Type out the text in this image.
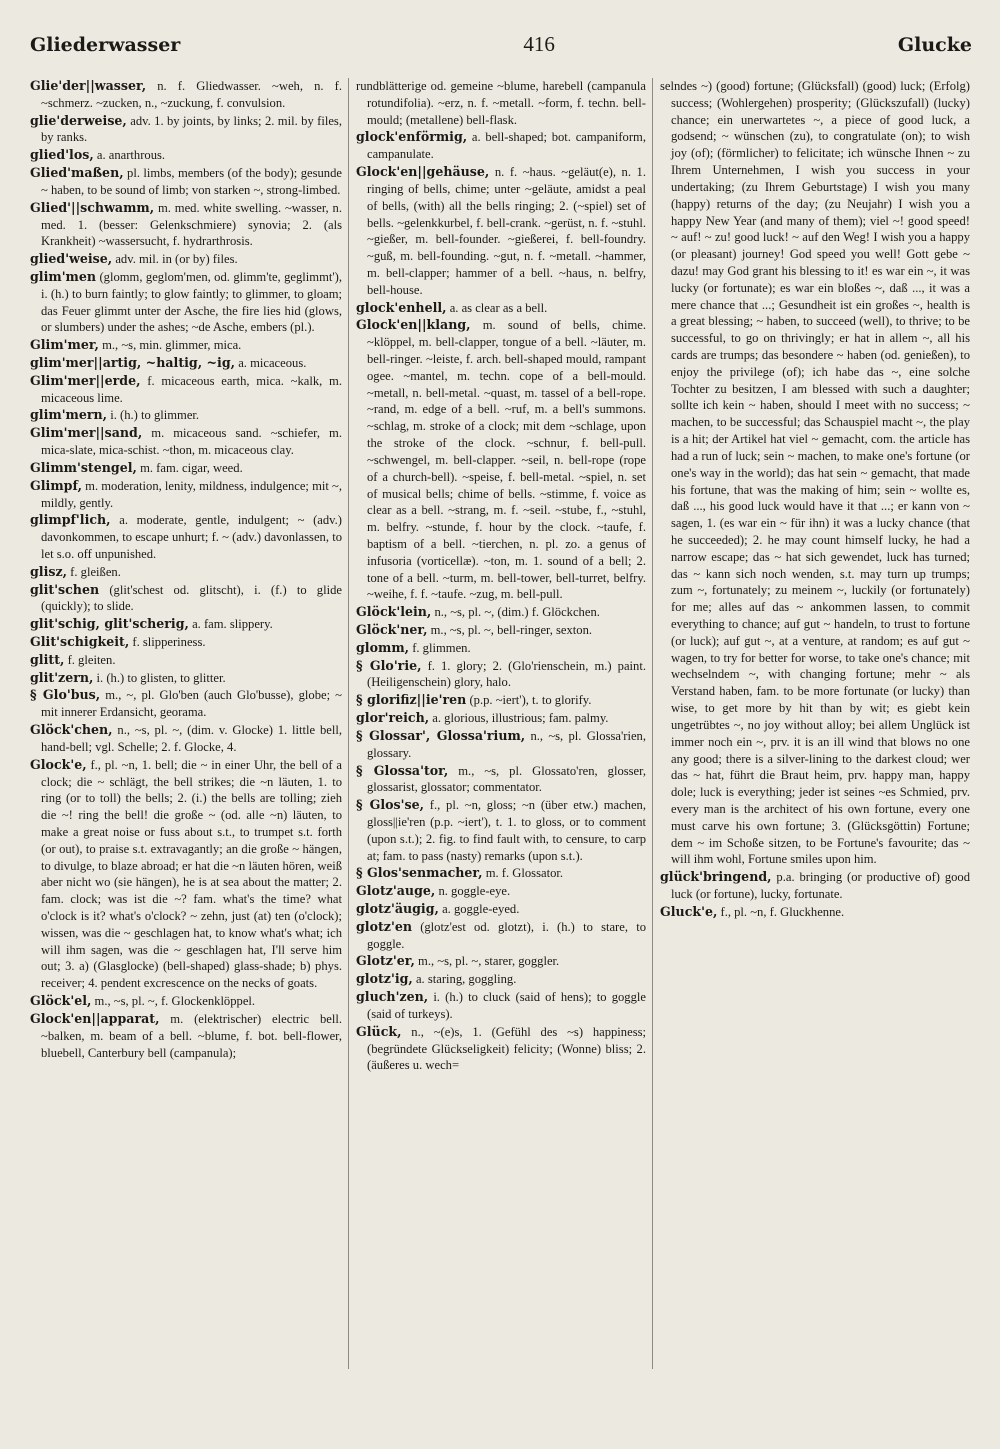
Gliederwasser	416	Glucke

Glie'der||wasser, n. f. Gliedwasser. ~weh, n. f. ~schmerz. ~zucken, n., ~zuckung, f. convulsion.

glie'derweise, adv. 1. by joints, by links; 2. mil. by files, by ranks.

glied'los, a. anarthrous.

Glied'maßen, pl. limbs, members (of the body); gesunde ~ haben, to be sound of limb; von starken ~, strong-limbed.

Glied'||schwamm, m. med. white swelling. ~wasser, n. med. 1. (besser: Gelenkschmiere) synovia; 2. (als Krankheit) ~wassersucht, f. hydrarthrosis.

glied'weise, adv. mil. in (or by) files.

glim'men (glomm, geglom'men, od. glimm'te, geglimmt'), i. (h.) to burn faintly; to glow faintly; to glimmer, to gloam; das Feuer glimmt unter der Asche, the fire lies hid (glows, or slumbers) under the ashes; ~de Asche, embers (pl.).

Glim'mer, m., ~s, min. glimmer, mica.

glim'mer||artig, ~haltig, ~ig, a. micaceous.

Glim'mer||erde, f. micaceous earth, mica. ~kalk, m. micaceous lime.

glim'mern, i. (h.) to glimmer.

Glim'mer||sand, m. micaceous sand. ~schiefer, m. mica-slate, mica-schist. ~thon, m. micaceous clay.

Glimm'stengel, m. fam. cigar, weed.

Glimpf, m. moderation, lenity, mildness, indulgence; mit ~, mildly, gently.

glimpf'lich, a. moderate, gentle, indulgent; ~ (adv.) davonkommen, to escape unhurt; f. ~ (adv.) davonlassen, to let s.o. off unpunished.

glisz, f. gleißen.

glit'schen (glit'schest od. glitscht), i. (f.) to glide (quickly); to slide.

glit'schig, glit'scherig, a. fam. slippery.

Glit'schigkeit, f. slipperiness.

glitt, f. gleiten.

glit'zern, i. (h.) to glisten, to glitter.

§ Glo'bus, m., ~, pl. Glo'ben (auch Glo'busse), globe; ~ mit innerer Erdansicht, georama.

Glöck'chen, n., ~s, pl. ~, (dim. v. Glocke) 1. little bell, hand-bell; vgl. Schelle; 2. f. Glocke, 4.

Glock'e, f., pl. ~n, 1. bell; die ~ in einer Uhr, the bell of a clock; die ~ schlägt, the bell strikes; die ~n läuten, 1. to ring (or to toll) the bells; 2. (i.) the bells are tolling; zieh die ~! ring the bell! die große ~ (od. alle ~n) läuten, to make a great noise or fuss about s.t., to trumpet s.t. forth (or out), to praise s.t. extravagantly; an die große ~ hängen, to divulge, to blaze abroad; er hat die ~n läuten hören, weiß aber nicht wo (sie hängen), he is at sea about the matter; 2. fam. clock; was ist die ~? fam. what's the time? what o'clock is it? what's o'clock? ~ zehn, just (at) ten (o'clock); wissen, was die ~ geschlagen hat, to know what's what; ich will ihm sagen, was die ~ geschlagen hat, I'll serve him out; 3. a) (Glasglocke) (bell-shaped) glass-shade; b) phys. receiver; 4. pendent excrescence on the necks of goats.

Glöck'el, m., ~s, pl. ~, f. Glockenklöppel.

Glock'en||apparat, m. (elektrischer) electric bell. ~balken, m. beam of a bell. ~blume, f. bot. bell-flower, bluebell, Canterbury bell (campanula);

rundblätterige od. gemeine ~blume, harebell (campanula rotundifolia). ~erz, n. f. ~metall. ~form, f. techn. bell-mould; (metallene) bell-flask.

glock'enförmig, a. bell-shaped; bot. campaniform, campanulate.

Glock'en||gehäuse, n. f. ~haus. ~geläut(e), n. 1. ringing of bells, chime; unter ~geläute, amidst a peal of bells, (with) all the bells ringing; 2. (~spiel) set of bells. ~gelenkkurbel, f. bell-crank. ~gerüst, n. f. ~stuhl. ~gießer, m. bell-founder. ~gießerei, f. bell-foundry. ~guß, m. bell-founding. ~gut, n. f. ~metall. ~hammer, m. bell-clapper; hammer of a bell. ~haus, n. belfry, bell-house.

glock'enhell, a. as clear as a bell.

Glock'en||klang, m. sound of bells, chime. ~klöppel, m. bell-clapper, tongue of a bell. ~läuter, m. bell-ringer. ~leiste, f. arch. bell-shaped mould, rampant ogee. ~mantel, m. techn. cope of a bell-mould. ~metall, n. bell-metal. ~quast, m. tassel of a bell-rope. ~rand, m. edge of a bell. ~ruf, m. a bell's summons. ~schlag, m. stroke of a clock; mit dem ~schlage, upon the stroke of the clock. ~schnur, f. bell-pull. ~schwengel, m. bell-clapper. ~seil, n. bell-rope (rope of a church-bell). ~speise, f. bell-metal. ~spiel, n. set of musical bells; chime of bells. ~stimme, f. voice as clear as a bell. ~strang, m. f. ~seil. ~stube, f., ~stuhl, m. belfry. ~stunde, f. hour by the clock. ~taufe, f. baptism of a bell. ~tierchen, n. pl. zo. a genus of infusoria (vorticellæ). ~ton, m. 1. sound of a bell; 2. tone of a bell. ~turm, m. bell-tower, bell-turret, belfry. ~weihe, f. f. ~taufe. ~zug, m. bell-pull.

Glöck'lein, n., ~s, pl. ~, (dim.) f. Glöckchen.

Glöck'ner, m., ~s, pl. ~, bell-ringer, sexton.

glomm, f. glimmen.

§ Glo'rie, f. 1. glory; 2. (Glo'rienschein, m.) paint. (Heiligenschein) glory, halo.

§ glorifiz||ie'ren (p.p. ~iert'), t. to glorify.

glor'reich, a. glorious, illustrious; fam. palmy.

§ Glossar', Glossa'rium, n., ~s, pl. Glossa'rien, glossary.

§ Glossa'tor, m., ~s, pl. Glossato'ren, glosser, glossarist, glossator; commentator.

§ Glos'se, f., pl. ~n, gloss; ~n (über etw.) machen, gloss||ie'ren (p.p. ~iert'), t. 1. to gloss, or to comment (upon s.t.); 2. fig. to find fault with, to censure, to carp at; fam. to pass (nasty) remarks (upon s.t.).

§ Glos'senmacher, m. f. Glossator.

Glotz'auge, n. goggle-eye.

glotz'äugig, a. goggle-eyed.

glotz'en (glotz'est od. glotzt), i. (h.) to stare, to goggle.

Glotz'er, m., ~s, pl. ~, starer, goggler.

glotz'ig, a. staring, goggling.

gluch'zen, i. (h.) to cluck (said of hens); to goggle (said of turkeys).

Glück, n., ~(e)s, 1. (Gefühl des ~s) happiness; (begründete Glückseligkeit) felicity; (Wonne) bliss; 2. (äußeres u. wech=

selndes ~) (good) fortune; (Glücksfall) (good) luck; (Erfolg) success; (Wohlergehen) prosperity; (Glückszufall) (lucky) chance; ein unerwartetes ~, a piece of good luck, a godsend; ~ wünschen (zu), to congratulate (on); to wish joy (of); (förmlicher) to felicitate; ich wünsche Ihnen ~ zu Ihrem Unternehmen, I wish you success in your undertaking; (zu Ihrem Geburtstage) I wish you many (happy) returns of the day; (zu Neujahr) I wish you a happy New Year (and many of them); viel ~! good speed! ~ auf! ~ zu! good luck! ~ auf den Weg! I wish you a happy (or pleasant) journey! God speed you well! Gott gebe ~ dazu! may God grant his blessing to it! es war ein ~, it was lucky (or fortunate); es war ein bloßes ~, daß ..., it was a mere chance that ...; Gesundheit ist ein großes ~, health is a great blessing; ~ haben, to succeed (well), to thrive; to be successful, to go on thrivingly; er hat in allem ~, all his cards are trumps; das besondere ~ haben (od. genießen), to enjoy the privilege (of); ich habe das ~, eine solche Tochter zu besitzen, I am blessed with such a daughter; sollte ich kein ~ haben, should I meet with no success; ~ machen, to be successful; das Schauspiel macht ~, the play is a hit; der Artikel hat viel ~ gemacht, com. the article has had a run of luck; sein ~ machen, to make one's fortune (or one's way in the world); das hat sein ~ gemacht, that made his fortune, that was the making of him; sein ~ wollte es, daß ..., his good luck would have it that ...; er kann von ~ sagen, 1. (es war ein ~ für ihn) it was a lucky chance (that he succeeded); 2. he may count himself lucky, he had a narrow escape; das ~ hat sich gewendet, luck has turned; das ~ kann sich noch wenden, s.t. may turn up trumps; zum ~, fortunately; zu meinem ~, luckily (or fortunately) for me; alles auf das ~ ankommen lassen, to commit everything to chance; auf gut ~ handeln, to trust to fortune (or luck); auf gut ~, at a venture, at random; es auf gut ~ wagen, to try for better for worse, to take one's chance; mit wechselndem ~, with changing fortune; mehr ~ als Verstand haben, fam. to be more fortunate (or lucky) than wise, to get more by hit than by wit; es giebt kein ungetrübtes ~, no joy without alloy; bei allem Unglück ist immer noch ein ~, prv. it is an ill wind that blows no one any good; there is a silver-lining to the darkest cloud; wer das ~ hat, führt die Braut heim, prv. happy man, happy dole; luck is everything; jeder ist seines ~es Schmied, prv. every man is the architect of his own fortune, every one must carve his own fortune; 3. (Glücksgöttin) Fortune; dem ~ im Schoße sitzen, to be Fortune's favourite; das ~ will ihm wohl, Fortune smiles upon him.

glück'bringend, p.a. bringing (or productive of) good luck (or fortune), lucky, fortunate.

Gluck'e, f., pl. ~n, f. Gluckhenne.
